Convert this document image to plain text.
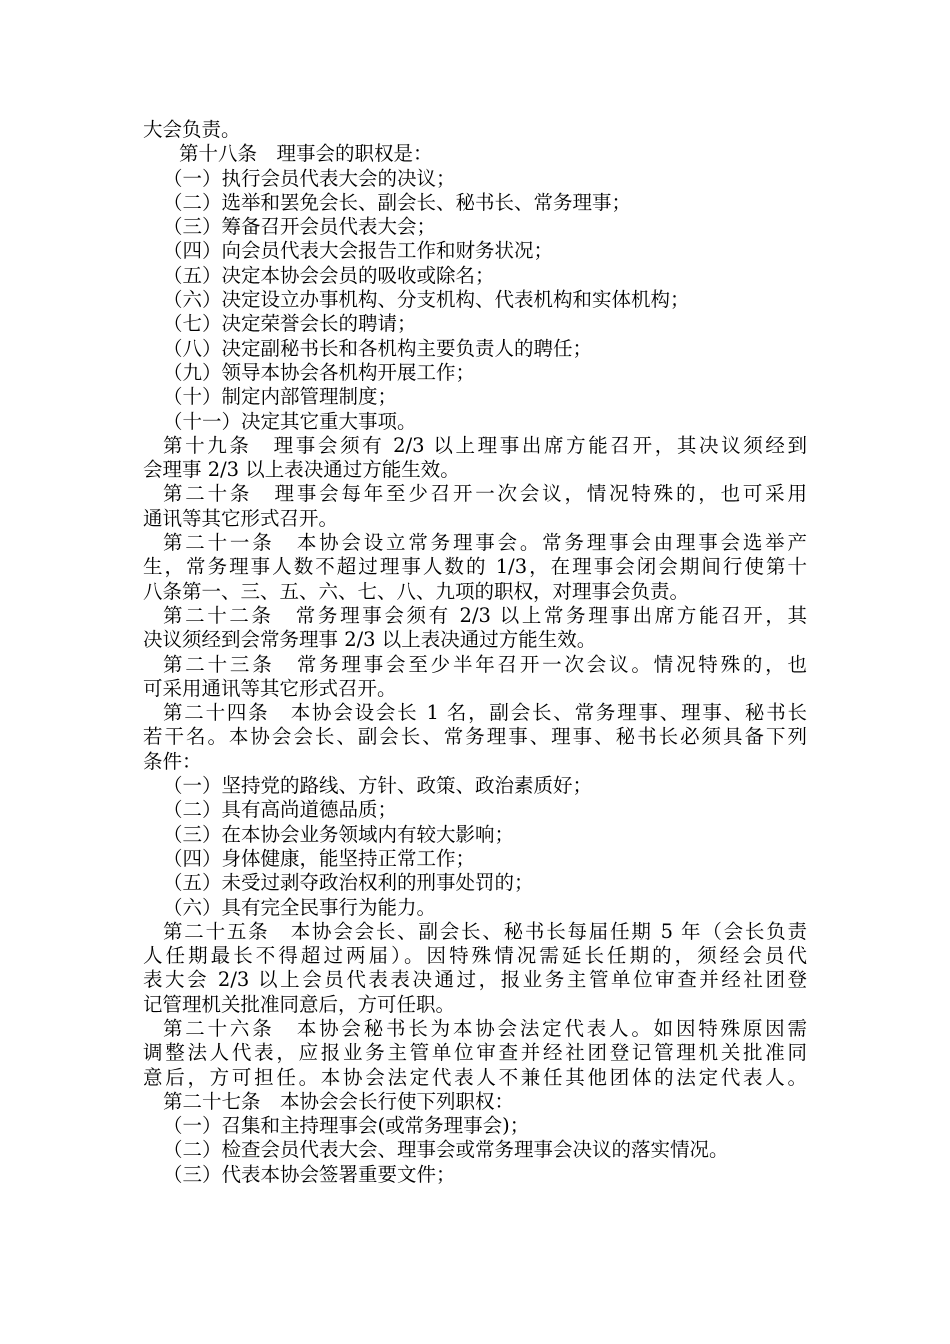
大会负责。
第十八条　理事会的职权是：
（一）执行会员代表大会的决议；
（二）选举和罢免会长、副会长、秘书长、常务理事；
（三）筹备召开会员代表大会；
（四）向会员代表大会报告工作和财务状况；
（五）决定本协会会员的吸收或除名；
（六）决定设立办事机构、分支机构、代表机构和实体机构；
（七）决定荣誉会长的聘请；
（八）决定副秘书长和各机构主要负责人的聘任；
（九）领导本协会各机构开展工作；
（十）制定内部管理制度；
（十一）决定其它重大事项。
第十九条　理事会须有 2/3 以上理事出席方能召开，其决议须经到
会理事 2/3 以上表决通过方能生效。
第二十条　理事会每年至少召开一次会议，情况特殊的，也可采用
通讯等其它形式召开。
第二十一条　本协会设立常务理事会。常务理事会由理事会选举产
生，常务理事人数不超过理事人数的 1/3，在理事会闭会期间行使第十
八条第一、三、五、六、七、八、九项的职权，对理事会负责。
第二十二条　常务理事会须有 2/3 以上常务理事出席方能召开，其
决议须经到会常务理事 2/3 以上表决通过方能生效。
第二十三条　常务理事会至少半年召开一次会议。情况特殊的，也
可采用通讯等其它形式召开。
第二十四条　本协会设会长 1 名，副会长、常务理事、理事、秘书长
若干名。本协会会长、副会长、常务理事、理事、秘书长必须具备下列
条件：
（一）坚持党的路线、方针、政策、政治素质好；
（二）具有高尚道德品质；
（三）在本协会业务领域内有较大影响；
（四）身体健康，能坚持正常工作；
（五）未受过剥夺政治权利的刑事处罚的；
（六）具有完全民事行为能力。
第二十五条　本协会会长、副会长、秘书长每届任期 5 年（会长负责
人任期最长不得超过两届）。因特殊情况需延长任期的，须经会员代
表大会 2/3 以上会员代表表决通过，报业务主管单位审查并经社团登
记管理机关批准同意后，方可任职。
第二十六条　本协会秘书长为本协会法定代表人。如因特殊原因需
调整法人代表，应报业务主管单位审查并经社团登记管理机关批准同
意后，方可担任。本协会法定代表人不兼任其他团体的法定代表人。
第二十七条　本协会会长行使下列职权：
（一）召集和主持理事会(或常务理事会)；
（二）检查会员代表大会、理事会或常务理事会决议的落实情况。
（三）代表本协会签署重要文件；
